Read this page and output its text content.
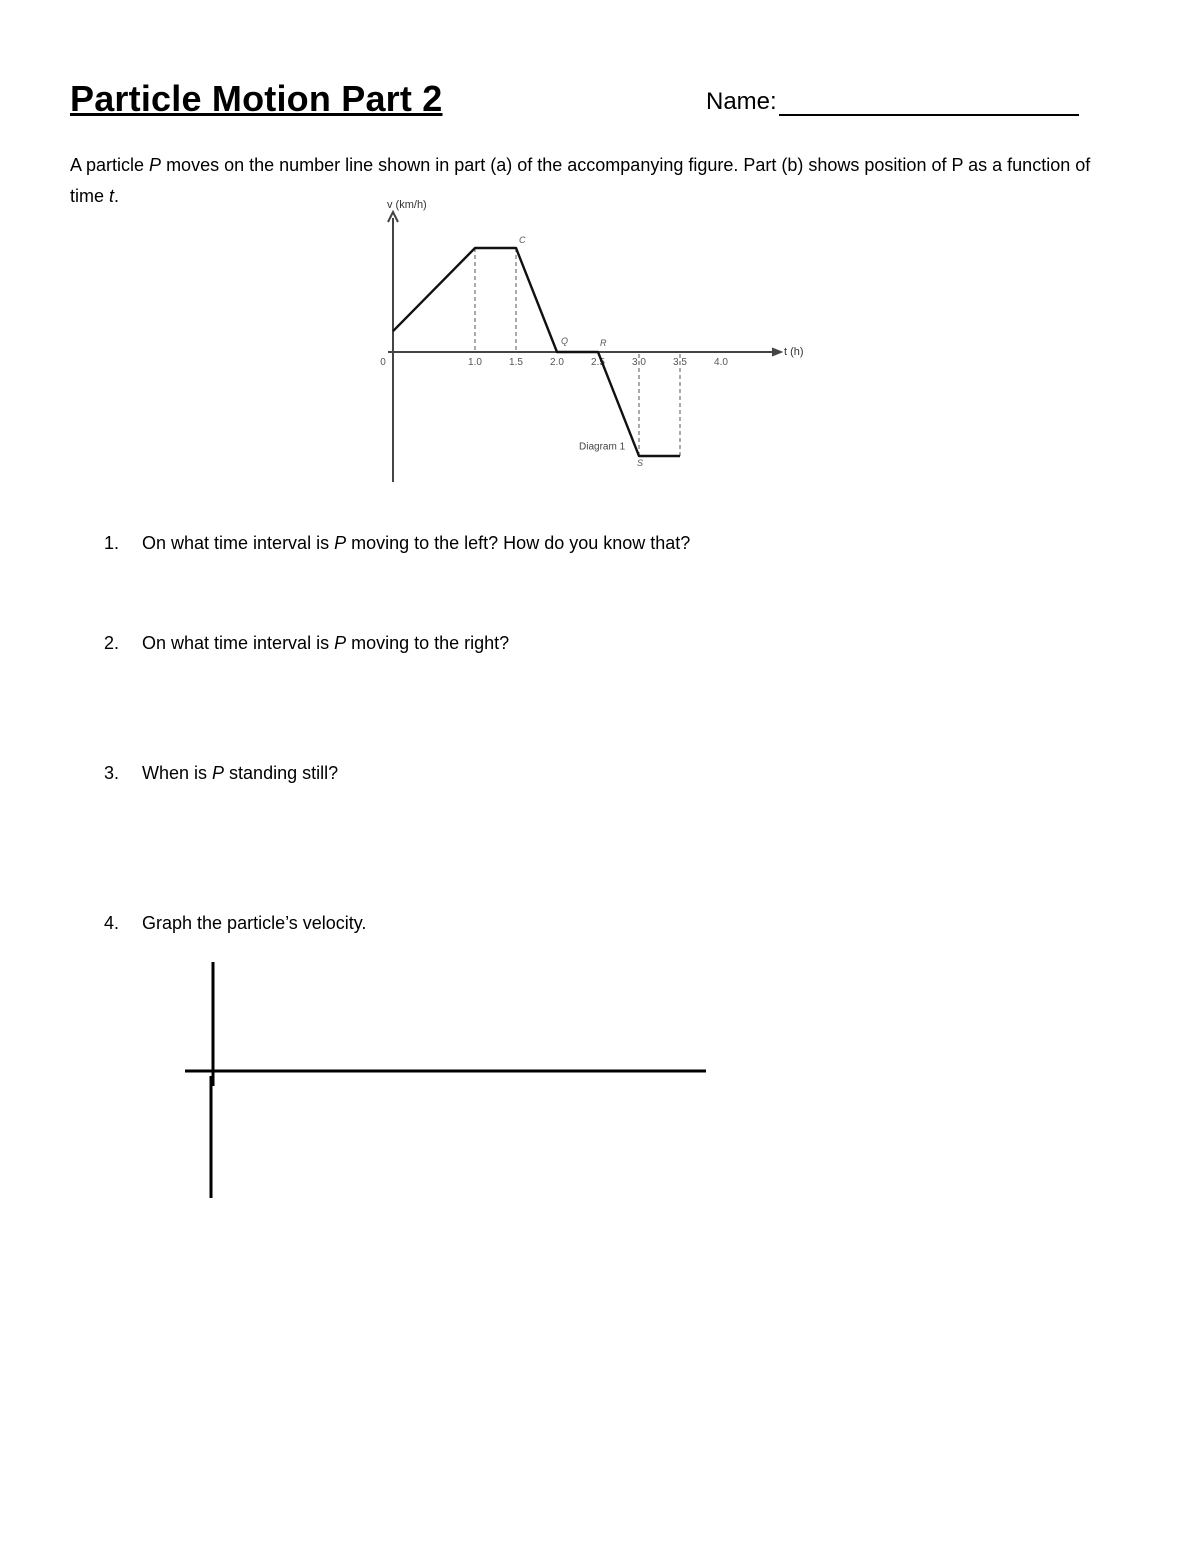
Particle Motion Part 2	Name:

A particle P moves on the number line shown in part (a) of the accompanying figure. Part (b) shows position of P as a function of time t.	v (km/h)
t (h)
0	1.0	1.5	2.0	2.5	3.0	3.5	4.0
C
Q	R
S
Diagram 1
1. On what time interval is P moving to the left? How do you know that?
2. On what time interval is P moving to the right?
3. When is P standing still?
4. Graph the particle’s velocity.
